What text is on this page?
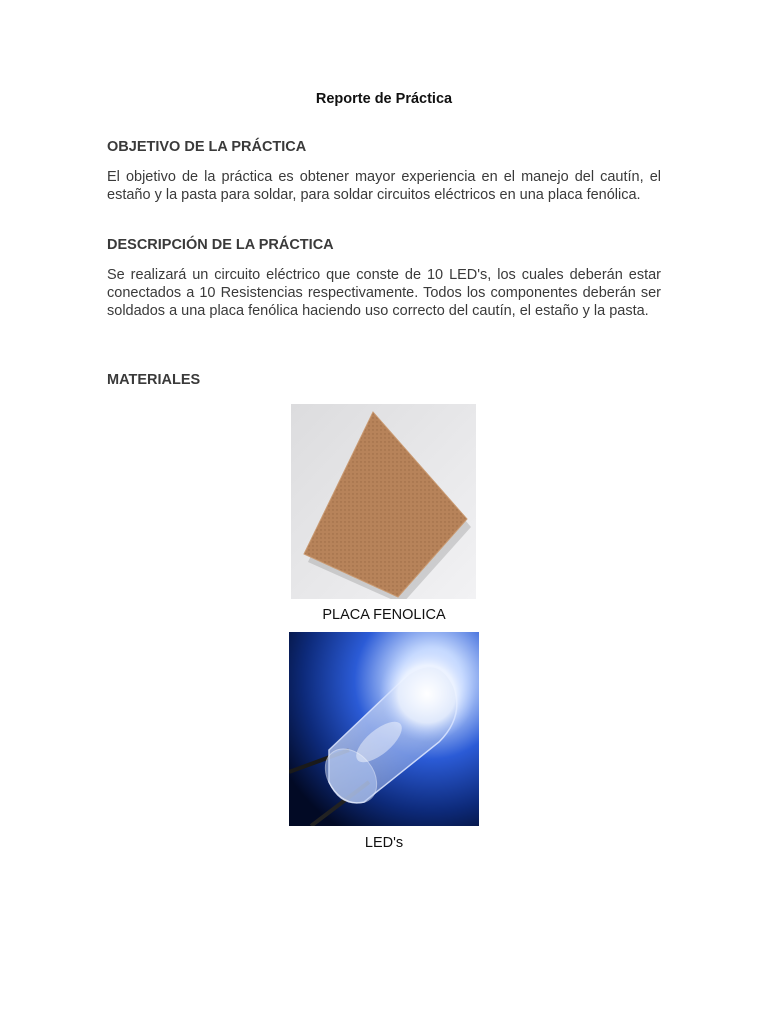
Reporte de Práctica
OBJETIVO DE LA PRÁCTICA
El objetivo de la práctica es obtener mayor experiencia en el manejo del cautín, el estaño y la pasta para soldar, para soldar circuitos eléctricos en una placa fenólica.
DESCRIPCIÓN DE LA PRÁCTICA
Se realizará un circuito eléctrico que conste de 10 LED's, los cuales deberán estar conectados a 10 Resistencias respectivamente. Todos los componentes deberán ser soldados a una placa fenólica haciendo uso correcto del cautín, el estaño y la pasta.
MATERIALES
PLACA FENOLICA
LED's
